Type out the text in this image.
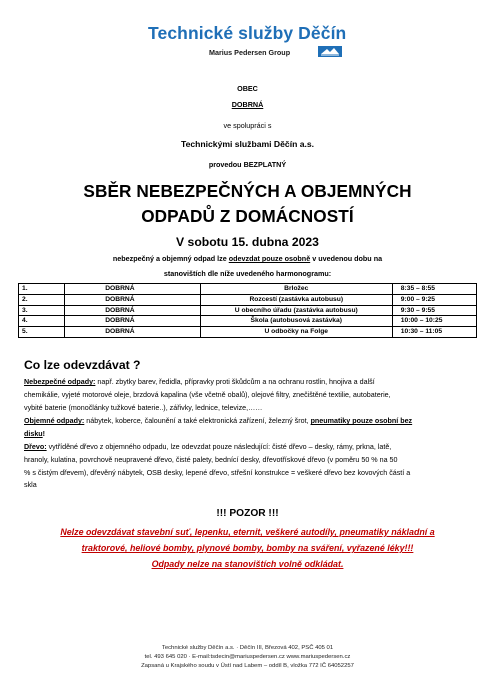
Technické služby Děčín
Marius Pedersen Group
OBEC
DOBRNÁ
ve spolupráci s
Technickými službami Děčín a.s.
provedou BEZPLATNÝ
SBĚR NEBEZPEČNÝCH A OBJEMNÝCH
ODPADŮ Z DOMÁCNOSTÍ
V sobotu 15. dubna 2023
nebezpečný a objemný odpad lze odevzdat pouze osobně v uvedenou dobu na
stanovištích dle níže uvedeného harmonogramu:
1.	DOBRNÁ	Brložec	8:35 – 8:55
2.	DOBRNÁ	Rozcestí (zastávka autobusu)	9:00 – 9:25
3.	DOBRNÁ	U obecního úřadu (zastávka autobusu)	9:30 – 9:55
4.	DOBRNÁ	Škola (autobusová zastávka)	10:00 – 10:25
5.	DOBRNÁ	U odbočky na Folge	10:30 – 11:05
Co lze odevzdávat ?
Nebezpečné odpady: např. zbytky barev, ředidla, přípravky proti škůdcům a na ochranu rostlin, hnojiva a další
chemikálie, vyjeté motorové oleje, brzdová kapalina (vše včetně obalů), olejové filtry, znečištěné textilie, autobaterie,
vybité baterie (monočlánky tužkové baterie..), zářivky, lednice, televize,……
Objemné odpady: nábytek, koberce, čalounění a také elektronická zařízení, železný šrot, pneumatiky pouze osobní bez
disku!
Dřevo: vytříděné dřevo z objemného odpadu, lze odevzdat pouze následující: čisté dřevo – desky, rámy, prkna, latě,
hranoly, kulatina, povrchově neupravené dřevo, čisté palety, bednící desky, dřevotřískové dřevo (v poměru 50 % na 50
% s čistým dřevem), dřevěný nábytek, OSB desky, lepené dřevo, střešní konstrukce = veškeré dřevo bez kovových částí a
skla
!!! POZOR !!!
Nelze odevzdávat stavební suť, lepenku, eternit, veškeré autodíly, pneumatiky nákladní a
traktorové, heliové bomby, plynové bomby, bomby na sváření, vyřazené léky!!!
Odpady nelze na stanovištích volně odkládat.
Technické služby Děčín a.s. · Děčín III, Březová 402, PSČ 405 01
tel. 493 645 020 · E-mail:tsdecin@mariuspedersen.cz www.mariuspedersen.cz
Zapsaná u Krajského soudu v Ústí nad Labem – oddíl B, vložka 772 IČ 64052257
